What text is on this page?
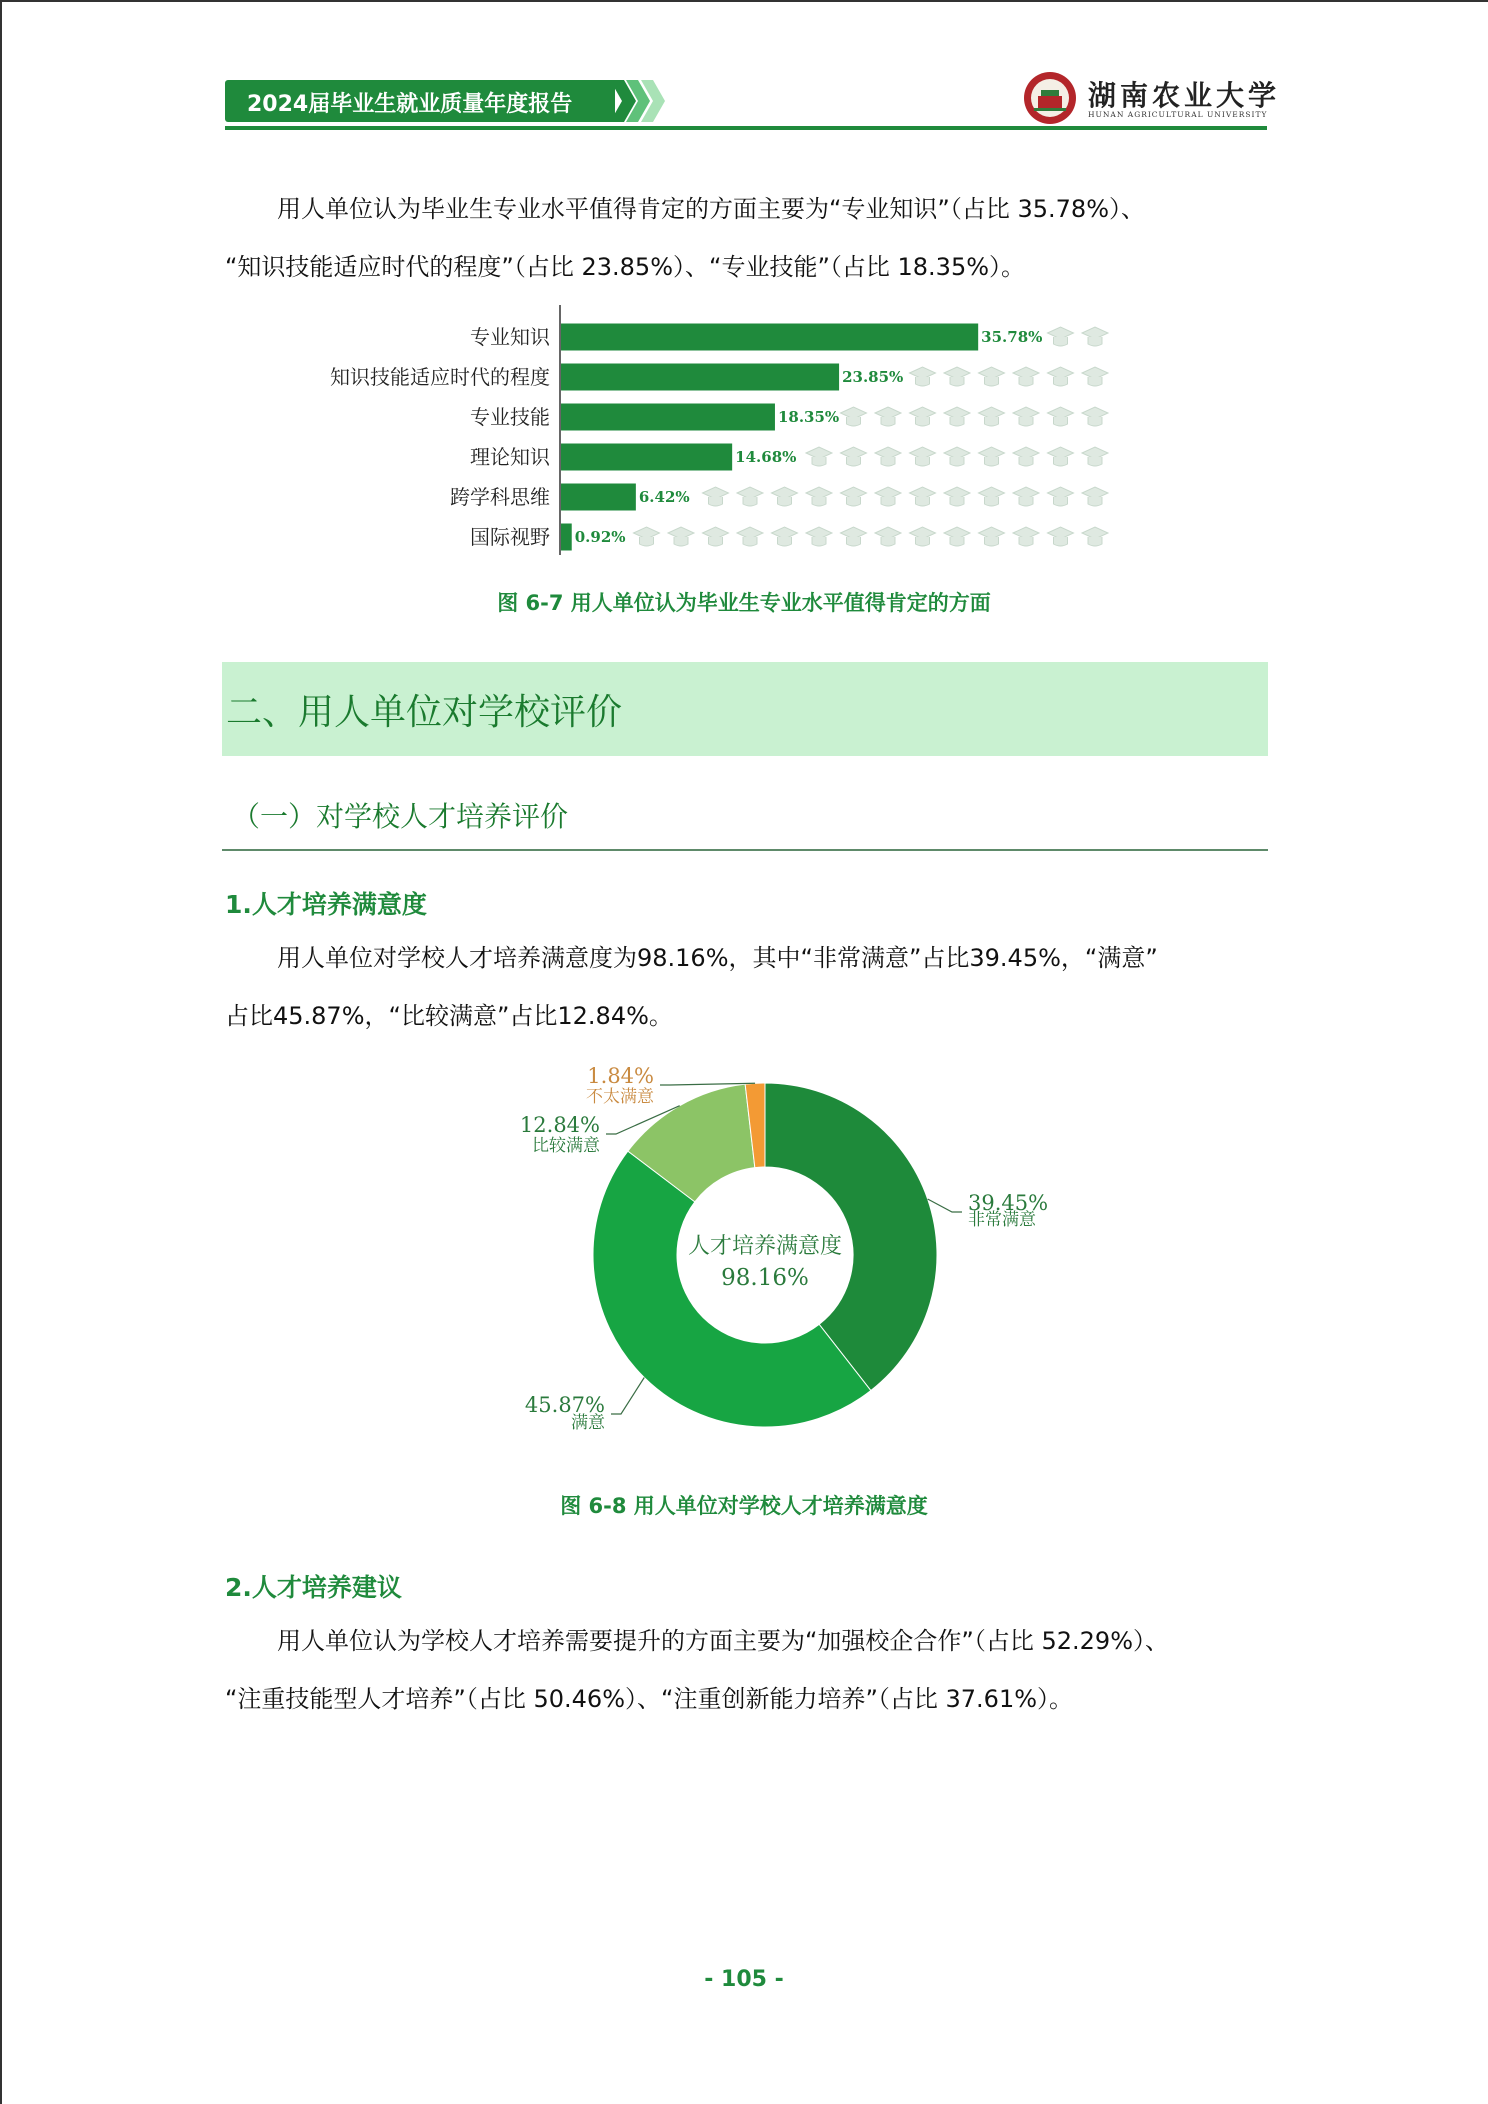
2024届毕业生就业质量年度报告	湖南农业大学
HUNAN AGRICULTURAL UNIVERSITY
用人单位认为毕业生专业水平值得肯定的方面主要为“专业知识”（占比 35.78%）、
“知识技能适应时代的程度”（占比 23.85%）、“专业技能”（占比 18.35%）。
专业知识	35.78%
知识技能适应时代的程度	23.85%
专业技能	18.35%
理论知识	14.68%
跨学科思维	6.42%
国际视野 0.92%
图 6-7 用人单位认为毕业生专业水平值得肯定的方面
二、用人单位对学校评价
（一）对学校人才培养评价
1.人才培养满意度
用人单位对学校人才培养满意度为98.16%，其中“非常满意”占比39.45%，“满意”
占比45.87%，“比较满意”占比12.84%。
39.45%
非常满意
45.87%
满意
12.84%
比较满意
1.84%
不太满意
人才培养满意度
98.16%
图 6-8 用人单位对学校人才培养满意度
2.人才培养建议
用人单位认为学校人才培养需要提升的方面主要为“加强校企合作”（占比 52.29%）、
“注重技能型人才培养”（占比 50.46%）、“注重创新能力培养”（占比 37.61%）。
- 105 -
